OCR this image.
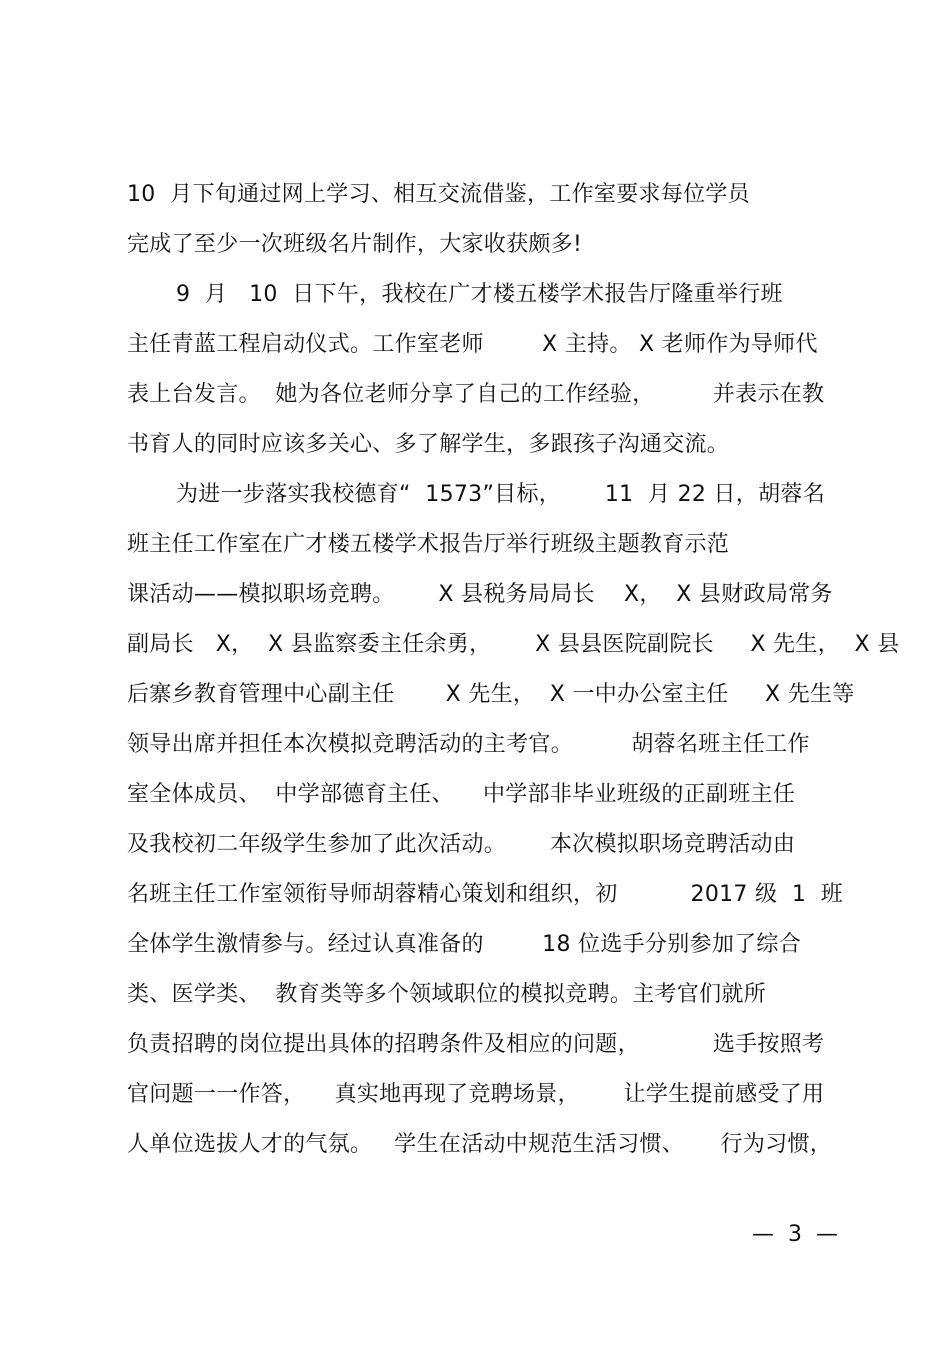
10  月下旬通过网上学习、相互交流借鉴，工作室要求每位学员

完成了至少一次班级名片制作，大家收获颇多!

9  月   10  日下午，我校在广才楼五楼学术报告厅隆重举行班

主任青蓝工程启动仪式。工作室老师        X 主持。 X 老师作为导师代

表上台发言。  她为各位老师分享了自己的工作经验，        并表示在教

书育人的同时应该多关心、多了解学生，多跟孩子沟通交流。

为进一步落实我校德育“  1573”目标，      11  月 22 日，胡蓉名

班主任工作室在广才楼五楼学术报告厅举行班级主题教育示范

课活动——模拟职场竞聘。      X 县税务局局长    X，  X 县财政局常务

副局长   X，  X 县监察委主任余勇，      X 县县医院副院长     X 先生，  X 县

后寨乡教育管理中心副主任       X 先生，  X 一中办公室主任     X 先生等

领导出席并担任本次模拟竞聘活动的主考官。        胡蓉名班主任工作

室全体成员、  中学部德育主任、    中学部非毕业班级的正副班主任

及我校初二年级学生参加了此次活动。      本次模拟职场竞聘活动由

名班主任工作室领衔导师胡蓉精心策划和组织，初          2017 级  1  班

全体学生激情参与。经过认真准备的        18 位选手分别参加了综合

类、医学类、  教育类等多个领域职位的模拟竞聘。主考官们就所

负责招聘的岗位提出具体的招聘条件及相应的问题，          选手按照考

官问题一一作答，    真实地再现了竞聘场景，      让学生提前感受了用

人单位选拔人才的气氛。   学生在活动中规范生活习惯、     行为习惯，

—  3  —
